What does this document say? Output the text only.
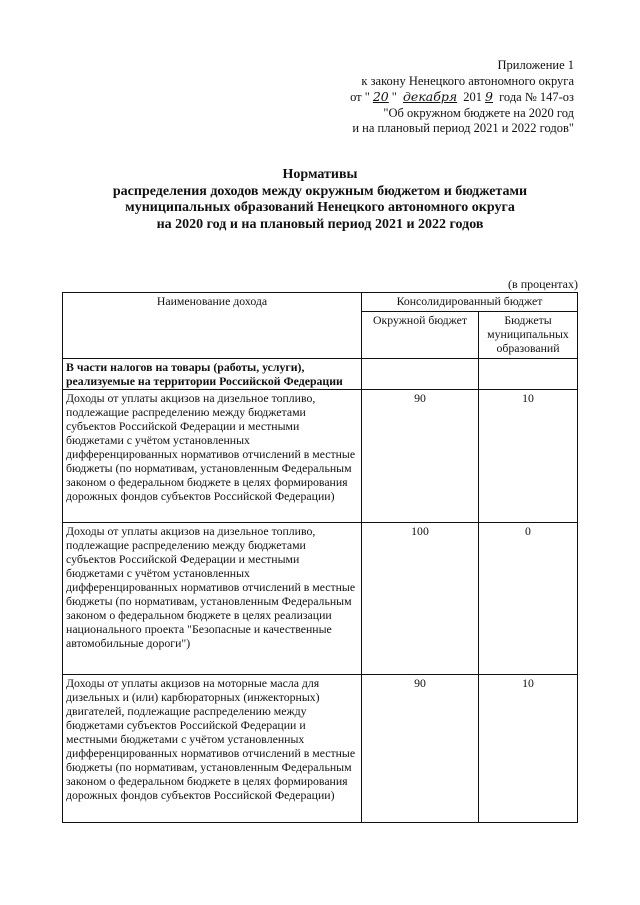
Приложение 1
к закону Ненецкого автономного округа
от " 20 " декабря 201 9 года № 147-оз
"Об окружном бюджете на 2020 год
и на плановый период 2021 и 2022 годов"
Нормативы
распределения доходов между окружным бюджетом и бюджетами
муниципальных образований Ненецкого автономного округа
на 2020 год и на плановый период 2021 и 2022 годов
(в процентах)
Наименование дохода	Консолидированный бюджет	
	Окружной бюджет	Бюджеты муниципальных образований
В части налогов на товары (работы, услуги), реализуемые на территории Российской Федерации		
Доходы от уплаты акцизов на дизельное топливо, подлежащие распределению между бюджетами субъектов Российской Федерации и местными бюджетами с учётом установленных дифференцированных нормативов отчислений в местные бюджеты (по нормативам, установленным Федеральным законом о федеральном бюджете в целях формирования дорожных фондов субъектов Российской Федерации)	90	10
Доходы от уплаты акцизов на дизельное топливо, подлежащие распределению между бюджетами субъектов Российской Федерации и местными бюджетами с учётом установленных дифференцированных нормативов отчислений в местные бюджеты (по нормативам, установленным Федеральным законом о федеральном бюджете в целях реализации национального проекта "Безопасные и качественные автомобильные дороги")	100	0
Доходы от уплаты акцизов на моторные масла для дизельных и (или) карбюраторных (инжекторных) двигателей, подлежащие распределению между бюджетами субъектов Российской Федерации и местными бюджетами с учётом установленных дифференцированных нормативов отчислений в местные бюджеты (по нормативам, установленным Федеральным законом о федеральном бюджете в целях формирования дорожных фондов субъектов Российской Федерации)	90	10
